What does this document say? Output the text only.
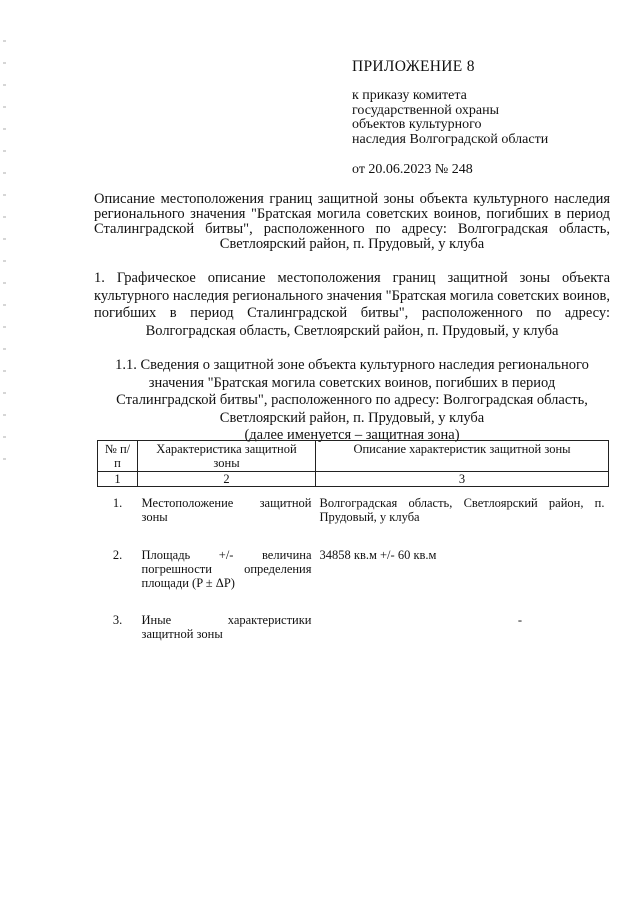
ПРИЛОЖЕНИЕ 8
к приказу комитета
государственной охраны
объектов культурного
наследия Волгоградской области
от 20.06.2023 № 248
Описание местоположения границ защитной зоны объекта культурного наследия регионального значения "Братская могила советских воинов, погибших в период Сталинградской битвы", расположенного по адресу: Волгоградская область, Светлоярский район, п. Прудовый, у клуба
1. Графическое описание местоположения границ защитной зоны объекта культурного наследия регионального значения "Братская могила советских воинов, погибших в период Сталинградской битвы", расположенного по адресу: Волгоградская область, Светлоярский район, п. Прудовый, у клуба
1.1. Сведения о защитной зоне объекта культурного наследия регионального значения "Братская могила советских воинов, погибших в период Сталинградской битвы", расположенного по адресу: Волгоградская область, Светлоярский район, п. Прудовый, у клуба
(далее именуется – защитная зона)
№ п/п	Характеристика защитной зоны	Описание характеристик защитной зоны
1	2	3
1.	Местоположение защитной зоны	Волгоградская область, Светлоярский район, п. Прудовый, у клуба
2.	Площадь +/- величина погрешности определения площади (P ± ΔP)	34858 кв.м +/- 60 кв.м
3.	Иные характеристики защитной зоны	-
